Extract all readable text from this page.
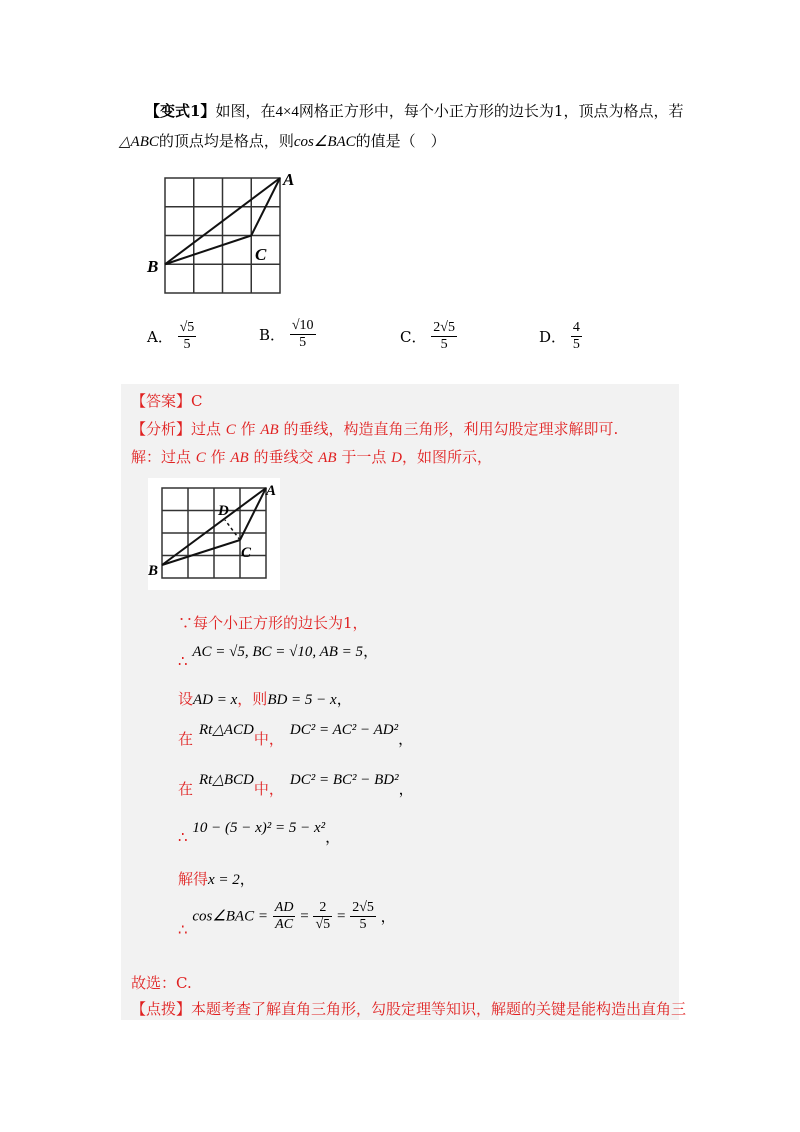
【变式1】如图，在4×4网格正方形中，每个小正方形的边长为1，顶点为格点，若
△ABC的顶点均是格点，则cos∠BAC的值是（　）
A
B
C
A． $\frac{√5}{5}$	B． $\frac{√10}{5}$	C． $\frac{2√5}{5}$	D． $\frac{4}{5}$
【答案】C
【分析】过点 C 作 AB 的垂线，构造直角三角形，利用勾股定理求解即可.
解：过点 C 作 AB 的垂线交 AB 于一点 D，如图所示，
A
B
C
D
∵每个小正方形的边长为1，
∴ AC = √5, BC = √10, AB = 5，
设AD = x，则BD = 5 − x，
在 Rt△ACD中， DC² = AC² − AD²，
在 Rt△BCD中， DC² = BC² − BD²，
∴ 10 − (5 − x)² = 5 − x²，
解得x = 2，
∴ cos∠BAC = $\frac{AD}{AC} = \frac{2}{√5} = \frac{2√5}{5}$ ，
故选：C.
【点拨】本题考查了解直角三角形，勾股定理等知识，解题的关键是能构造出直角三
